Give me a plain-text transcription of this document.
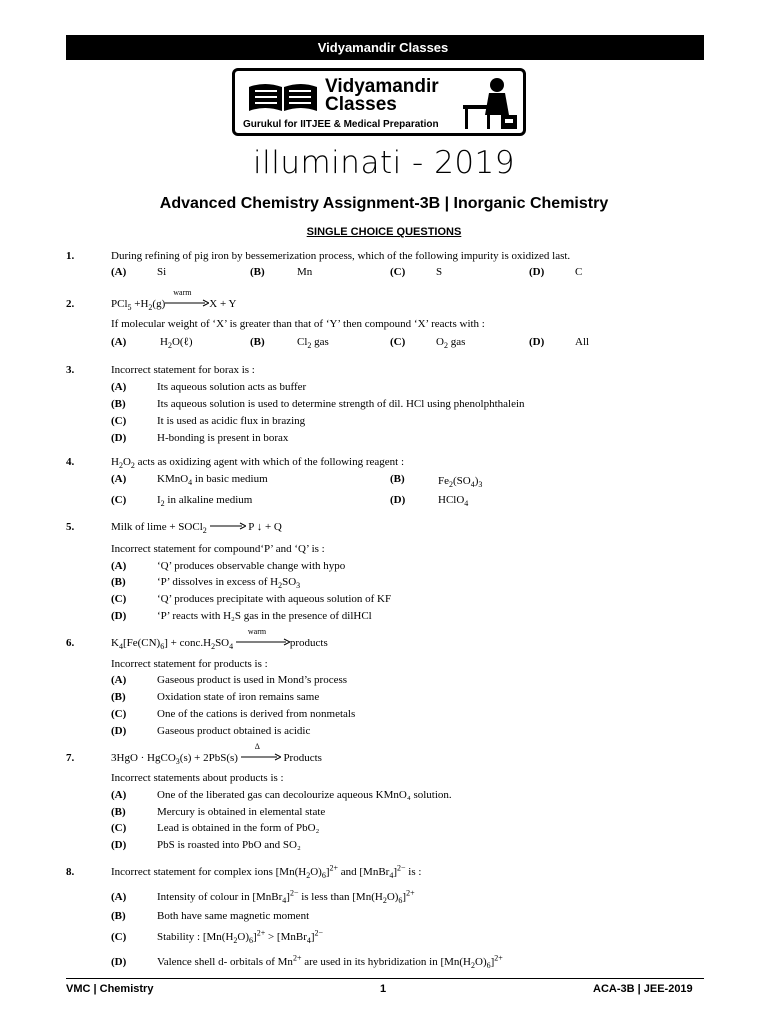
Vidyamandir Classes
Vidyamandir
Classes
Gurukul for IITJEE & Medical Preparation
illuminati - 2019
Advanced Chemistry Assignment-3B | Inorganic Chemistry
SINGLE CHOICE QUESTIONS
1.	During refining of pig iron by bessemerization process, which of the following impurity is oxidized last.
(A)	Si	(B)	Mn	(C)	S	(D)	C
2.	$PCl_5 +H_2(g)$
warm
X + Y
If molecular weight of ‘X’ is greater than that of ‘Y’ then compound ‘X’ reacts with :
(A)	$H_2O(\ell)$	(B)	$Cl_2$ gas	(C)	$O_2$ gas	(D)	All
3.	Incorrect statement for borax is :
(A)	Its aqueous solution acts as buffer
(B)	Its aqueous solution is used to determine strength of dil. HCl using phenolphthalein
(C)	It is used as acidic flux in brazing
(D)	H-bonding is present in borax
4.	$H_2O_2$ acts as oxidizing agent with which of the following reagent :
(A)	KMnO$_4$ in basic medium	(B)	$Fe_2(SO_4)_3$
(C)	$I_2$ in alkaline medium	(D)	HClO$_4$
5.	Milk of lime + SOCl$_2$	P ↓ + Q
Incorrect statement for compound‘P’ and ‘Q’ is :
(A)	‘Q’ produces observable change with hypo
(B)	‘P’ dissolves in excess of $H_2SO_3$
(C)	‘Q’ produces precipitate with aqueous solution of KF
(D)	‘P’ reacts with H₂S gas in the presence of dilHCl
6.	$K_4[Fe(CN)_6]$ + $conc.H_2SO_4$
warm
products
Incorrect statement for products is :
(A)	Gaseous product is used in Mond’s process
(B)	Oxidation state of iron remains same
(C)	One of the cations is derived from nonmetals
(D)	Gaseous product obtained is acidic
7.	3HgO · HgCO$_3$(s) + 2PbS(s)
Δ
Products
Incorrect statements about products is :
(A)	One of the liberated gas can decolourize aqueous KMnO₄ solution.
(B)	Mercury is obtained in elemental state
(C)	Lead is obtained in the form of PbO₂
(D)	PbS is roasted into PbO and SO₂
8.	Incorrect statement for complex ions $[Mn(H_2O)_6]^{2+}$ and [MnBr$_4$]$^{2-}$ is :
(A)	Intensity of colour in [MnBr$_4$]$^{2-}$ is less than $[Mn(H_2O)_6]^{2+}$
(B)	Both have same magnetic moment
(C)	Stability : $[Mn(H_2O)_6]^{2+}$ > [MnBr$_4$]$^{2-}$
(D)	Valence shell d- orbitals of $Mn^{2+}$ are used in its hybridization in $[Mn(H_2O)_6]^{2+}$
VMC | Chemistry	1	ACA-3B | JEE-2019
